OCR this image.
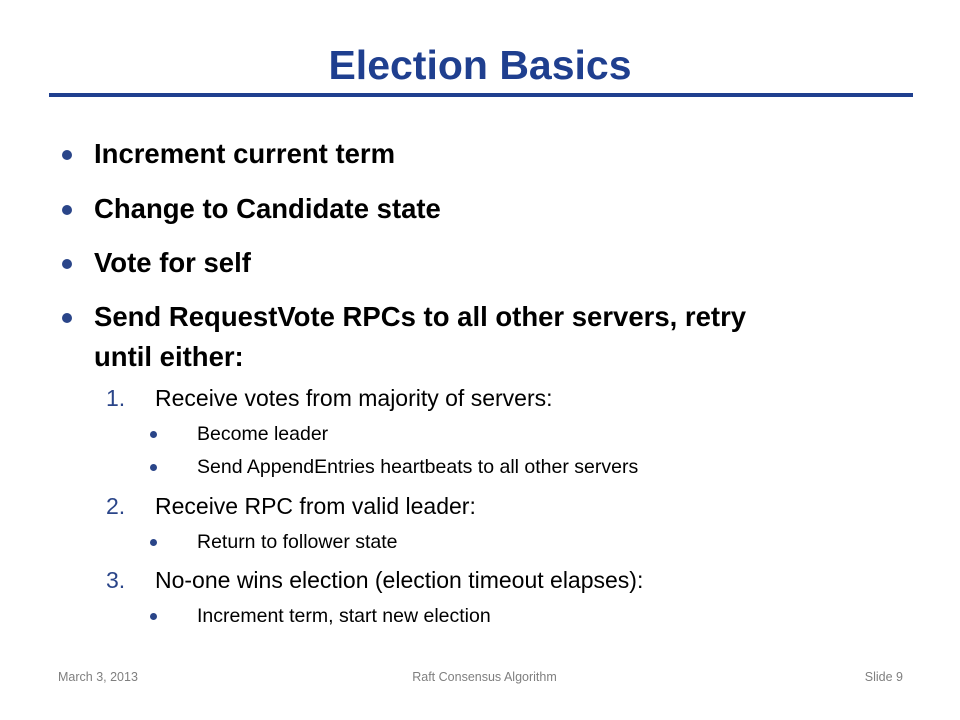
Election Basics
Increment current term
Change to Candidate state
Vote for self
Send RequestVote RPCs to all other servers, retry
until either:
1. Receive votes from majority of servers:
Become leader
Send AppendEntries heartbeats to all other servers
2. Receive RPC from valid leader:
Return to follower state
3. No-one wins election (election timeout elapses):
Increment term, start new election
March 3, 2013	Raft Consensus Algorithm	Slide 9
